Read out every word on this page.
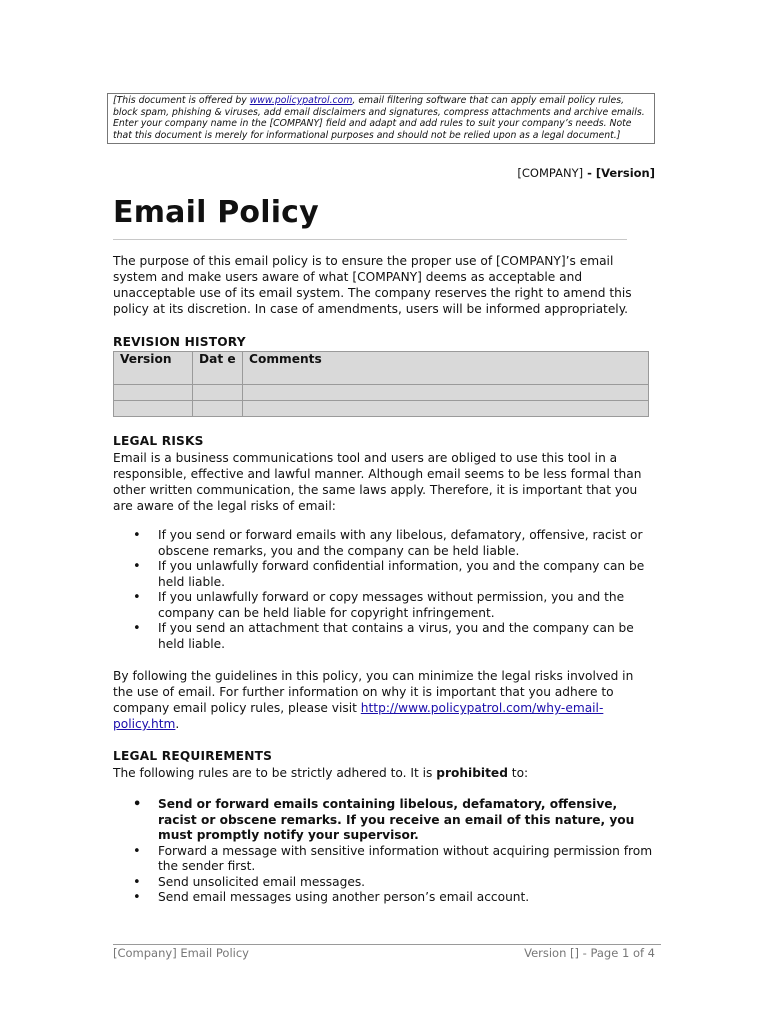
[This document is offered by www.policypatrol.com, email filtering software that can apply email policy rules, block spam, phishing & viruses, add email disclaimers and signatures, compress attachments and archive emails. Enter your company name in the [COMPANY] field and adapt and add rules to suit your company’s needs. Note that this document is merely for informational purposes and should not be relied upon as a legal document.]
[COMPANY] - [Version]
Email Policy

The purpose of this email policy is to ensure the proper use of [COMPANY]’s email system and make users aware of what [COMPANY] deems as acceptable and unacceptable use of its email system. The company reserves the right to amend this policy at its discretion. In case of amendments, users will be informed appropriately.

REVISION HISTORY
Version	Dat e	Comments

LEGAL RISKS

Email is a business communications tool and users are obliged to use this tool in a responsible, effective and lawful manner. Although email seems to be less formal than other written communication, the same laws apply. Therefore, it is important that you are aware of the legal risks of email:

• If you send or forward emails with any libelous, defamatory, offensive, racist or obscene remarks, you and the company can be held liable.
• If you unlawfully forward confidential information, you and the company can be held liable.
• If you unlawfully forward or copy messages without permission, you and the company can be held liable for copyright infringement.
• If you send an attachment that contains a virus, you and the company can be held liable.

By following the guidelines in this policy, you can minimize the legal risks involved in the use of email. For further information on why it is important that you adhere to company email policy rules, please visit http://www.policypatrol.com/why-email-policy.htm.

LEGAL REQUIREMENTS

The following rules are to be strictly adhered to. It is prohibited to:

• Send or forward emails containing libelous, defamatory, offensive, racist or obscene remarks. If you receive an email of this nature, you must promptly notify your supervisor.
• Forward a message with sensitive information without acquiring permission from the sender first.
• Send unsolicited email messages.
• Send email messages using another person’s email account.
[Company] Email Policy	Version [] - Page 1 of 4
